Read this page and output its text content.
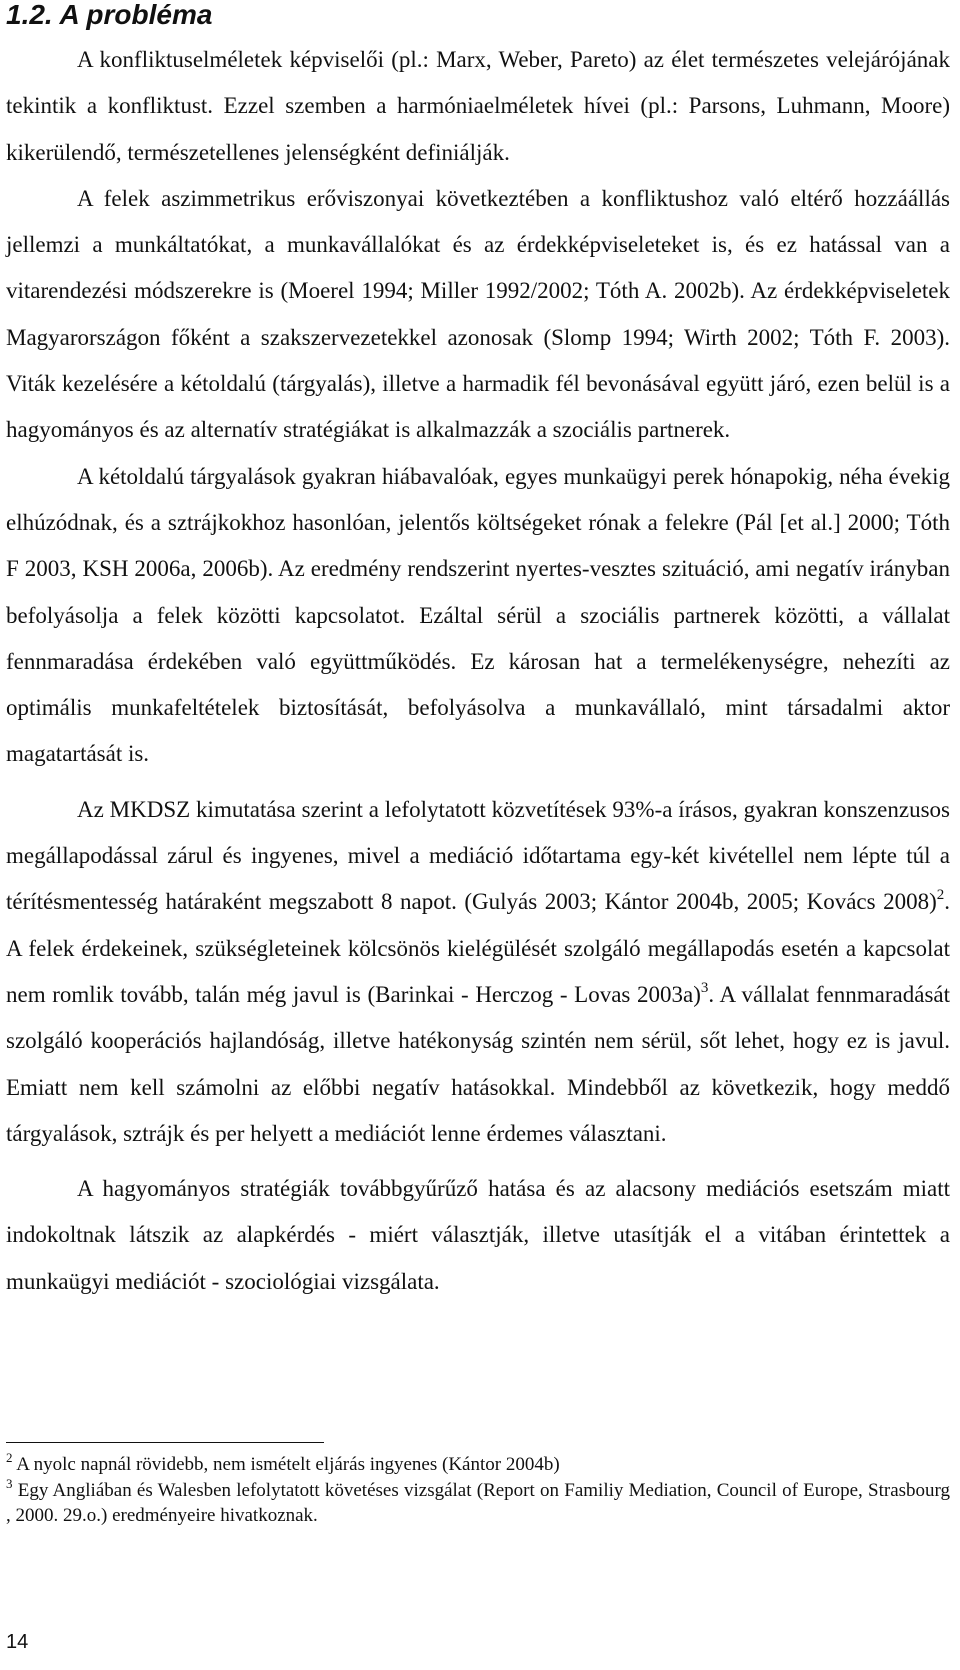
1.2. A probléma

A konfliktuselméletek képviselői (pl.: Marx, Weber, Pareto) az élet természetes velejárójának tekintik a konfliktust. Ezzel szemben a harmóniaelméletek hívei (pl.: Parsons, Luhmann, Moore) kikerülendő, természetellenes jelenségként definiálják.

A felek aszimmetrikus erőviszonyai következtében a konfliktushoz való eltérő hozzáállás jellemzi a munkáltatókat, a munkavállalókat és az érdekképviseleteket is, és ez hatással van a vitarendezési módszerekre is (Moerel 1994; Miller 1992/2002; Tóth A. 2002b). Az érdekképviseletek Magyarországon főként a szakszervezetekkel azonosak (Slomp 1994; Wirth 2002; Tóth F. 2003). Viták kezelésére a kétoldalú (tárgyalás), illetve a harmadik fél bevonásával együtt járó, ezen belül is a hagyományos és az alternatív stratégiákat is alkalmazzák a szociális partnerek.

A kétoldalú tárgyalások gyakran hiábavalóak, egyes munkaügyi perek hónapokig, néha évekig elhúzódnak, és a sztrájkokhoz hasonlóan, jelentős költségeket rónak a felekre (Pál [et al.] 2000; Tóth F 2003, KSH 2006a, 2006b). Az eredmény rendszerint nyertes-vesztes szituáció, ami negatív irányban befolyásolja a felek közötti kapcsolatot. Ezáltal sérül a szociális partnerek közötti, a vállalat fennmaradása érdekében való együttműködés. Ez károsan hat a termelékenységre, nehezíti az optimális munkafeltételek biztosítását, befolyásolva a munkavállaló, mint társadalmi aktor magatartását is.

Az MKDSZ kimutatása szerint a lefolytatott közvetítések 93%-a írásos, gyakran konszenzusos megállapodással zárul és ingyenes, mivel a mediáció időtartama egy-két kivétellel nem lépte túl a térítésmentesség határaként megszabott 8 napot. (Gulyás 2003; Kántor 2004b, 2005; Kovács 2008)$^2$. A felek érdekeinek, szükségleteinek kölcsönös kielégülését szolgáló megállapodás esetén a kapcsolat nem romlik tovább, talán még javul is (Barinkai - Herczog - Lovas 2003a)$^3$. A vállalat fennmaradását szolgáló kooperációs hajlandóság, illetve hatékonyság szintén nem sérül, sőt lehet, hogy ez is javul. Emiatt nem kell számolni az előbbi negatív hatásokkal. Mindebből az következik, hogy meddő tárgyalások, sztrájk és per helyett a mediációt lenne érdemes választani.

A hagyományos stratégiák továbbgyűrűző hatása és az alacsony mediációs esetszám miatt indokoltnak látszik az alapkérdés - miért választják, illetve utasítják el a vitában érintettek a munkaügyi mediációt - szociológiai vizsgálata.

$^2$ A nyolc napnál rövidebb, nem ismételt eljárás ingyenes (Kántor 2004b)

$^3$ Egy Angliában és Walesben lefolytatott követéses vizsgálat (Report on Familiy Mediation, Council of Europe, Strasbourg , 2000. 29.o.) eredményeire hivatkoznak.

14
